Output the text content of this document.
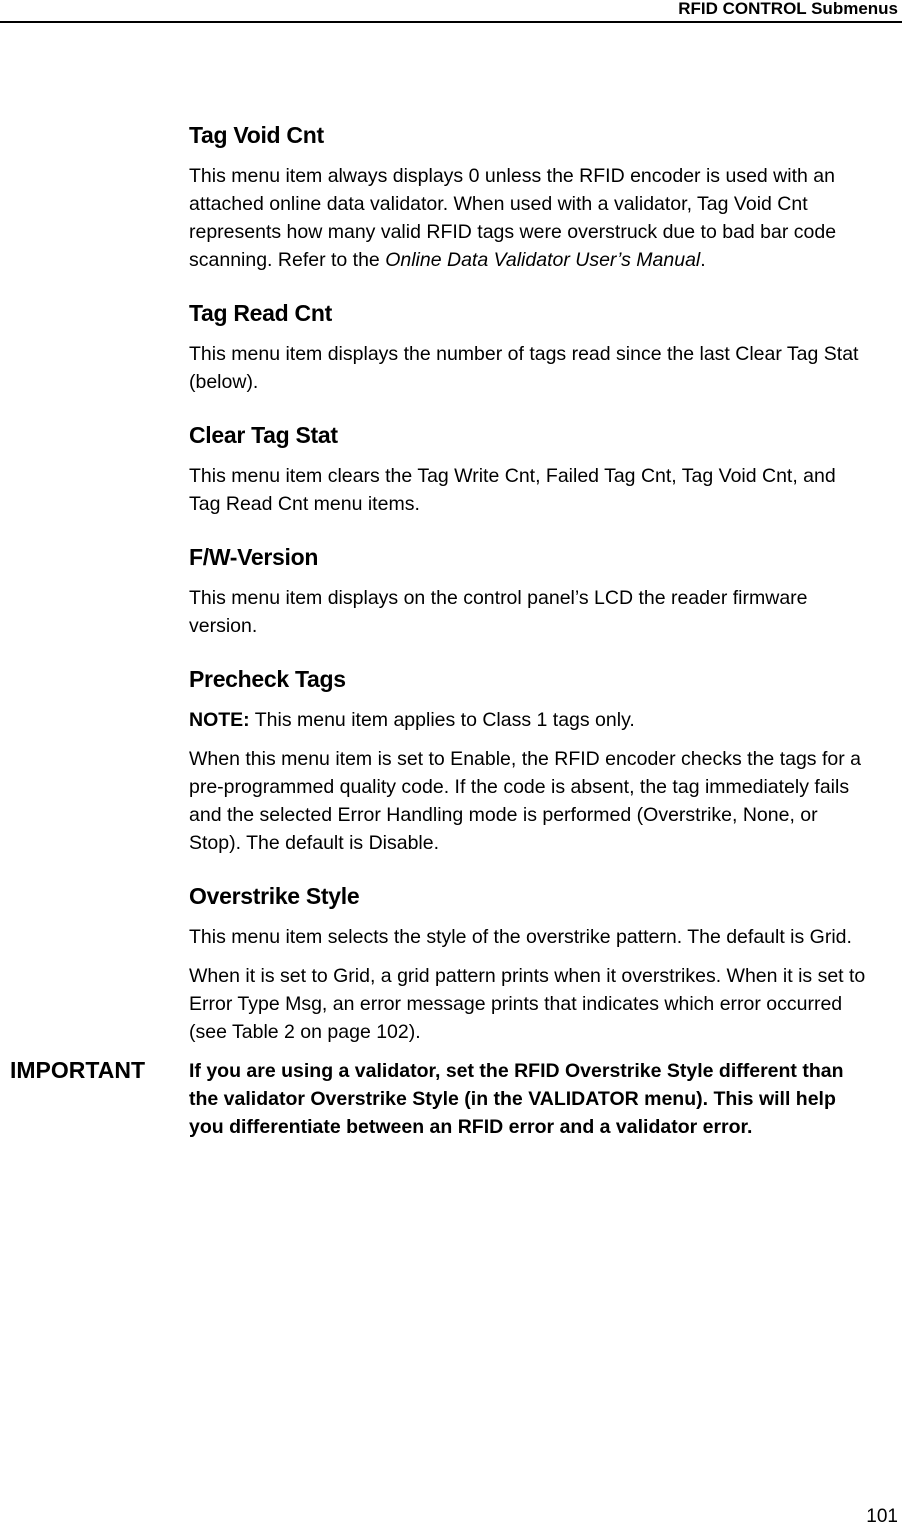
RFID CONTROL Submenus
Tag Void Cnt
This menu item always displays 0 unless the RFID encoder is used with an
attached online data validator. When used with a validator, Tag Void Cnt
represents how many valid RFID tags were overstruck due to bad bar code
scanning. Refer to the Online Data Validator User’s Manual.
Tag Read Cnt
This menu item displays the number of tags read since the last Clear Tag Stat
(below).
Clear Tag Stat
This menu item clears the Tag Write Cnt, Failed Tag Cnt, Tag Void Cnt, and
Tag Read Cnt menu items.
F/W-Version
This menu item displays on the control panel’s LCD the reader firmware
version.
Precheck Tags
NOTE: This menu item applies to Class 1 tags only.
When this menu item is set to Enable, the RFID encoder checks the tags for a
pre-programmed quality code. If the code is absent, the tag immediately fails
and the selected Error Handling mode is performed (Overstrike, None, or
Stop). The default is Disable.
Overstrike Style
This menu item selects the style of the overstrike pattern. The default is Grid.
When it is set to Grid, a grid pattern prints when it overstrikes. When it is set to
Error Type Msg, an error message prints that indicates which error occurred
(see Table 2 on page 102).
IMPORTANT If you are using a validator, set the RFID Overstrike Style different than
the validator Overstrike Style (in the VALIDATOR menu). This will help
you differentiate between an RFID error and a validator error.
101
